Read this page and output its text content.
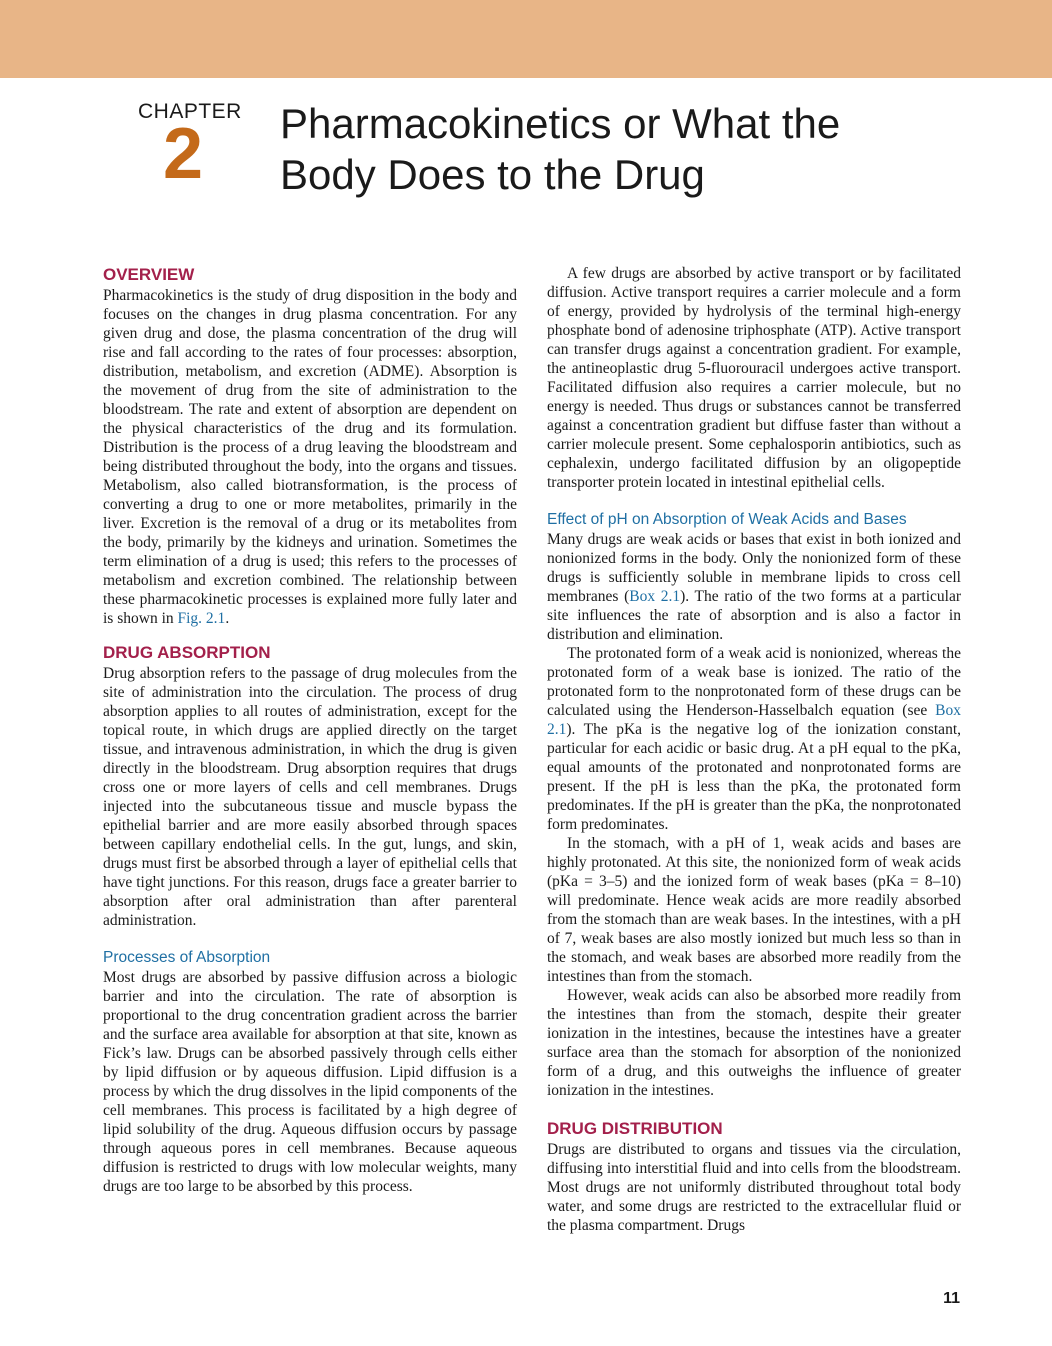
CHAPTER
2	Pharmacokinetics or What the
Body Does to the Drug
OVERVIEW

Pharmacokinetics is the study of drug disposition in the body and focuses on the changes in drug plasma concentration. For any given drug and dose, the plasma concentration of the drug will rise and fall according to the rates of four processes: absorption, distribution, metabolism, and excretion (ADME). Absorption is the movement of drug from the site of administration to the bloodstream. The rate and extent of absorption are dependent on the physical characteristics of the drug and its formulation. Distribution is the process of a drug leaving the bloodstream and being distributed throughout the body, into the organs and tissues. Metabolism, also called biotransformation, is the process of converting a drug to one or more metabolites, primarily in the liver. Excretion is the removal of a drug or its metabolites from the body, primarily by the kidneys and urination. Sometimes the term elimination of a drug is used; this refers to the processes of metabolism and excretion combined. The relationship between these pharmacokinetic processes is explained more fully later and is shown in Fig. 2.1.

DRUG ABSORPTION

Drug absorption refers to the passage of drug molecules from the site of administration into the circulation. The process of drug absorption applies to all routes of administration, except for the topical route, in which drugs are applied directly on the target tissue, and intravenous administration, in which the drug is given directly in the bloodstream. Drug absorption requires that drugs cross one or more layers of cells and cell membranes. Drugs injected into the subcutaneous tissue and muscle bypass the epithelial barrier and are more easily absorbed through spaces between capillary endothelial cells. In the gut, lungs, and skin, drugs must first be absorbed through a layer of epithelial cells that have tight junctions. For this reason, drugs face a greater barrier to absorption after oral administration than after parenteral administration.

Processes of Absorption

Most drugs are absorbed by passive diffusion across a biologic barrier and into the circulation. The rate of absorption is proportional to the drug concentration gradient across the barrier and the surface area available for absorption at that site, known as Fick’s law. Drugs can be absorbed passively through cells either by lipid diffusion or by aqueous diffusion. Lipid diffusion is a process by which the drug dissolves in the lipid components of the cell membranes. This process is facilitated by a high degree of lipid solubility of the drug. Aqueous diffusion occurs by passage through aqueous pores in cell membranes. Because aqueous diffusion is restricted to drugs with low molecular weights, many drugs are too large to be absorbed by this process.

A few drugs are absorbed by active transport or by facilitated diffusion. Active transport requires a carrier molecule and a form of energy, provided by hydrolysis of the terminal high-energy phosphate bond of adenosine triphosphate (ATP). Active transport can transfer drugs against a concentration gradient. For example, the antineoplastic drug 5-fluorouracil undergoes active transport. Facilitated diffusion also requires a carrier molecule, but no energy is needed. Thus drugs or substances cannot be transferred against a concentration gradient but diffuse faster than without a carrier molecule present. Some cephalosporin antibiotics, such as cephalexin, undergo facilitated diffusion by an oligopeptide transporter protein located in intestinal epithelial cells.

Effect of pH on Absorption of Weak Acids and Bases

Many drugs are weak acids or bases that exist in both ionized and nonionized forms in the body. Only the nonionized form of these drugs is sufficiently soluble in membrane lipids to cross cell membranes (Box 2.1). The ratio of the two forms at a particular site influences the rate of absorption and is also a factor in distribution and elimination.

The protonated form of a weak acid is nonionized, whereas the protonated form of a weak base is ionized. The ratio of the protonated form to the nonprotonated form of these drugs can be calculated using the Henderson-Hasselbalch equation (see Box 2.1). The pKa is the negative log of the ionization constant, particular for each acidic or basic drug. At a pH equal to the pKa, equal amounts of the protonated and nonprotonated forms are present. If the pH is less than the pKa, the protonated form predominates. If the pH is greater than the pKa, the nonprotonated form predominates.

In the stomach, with a pH of 1, weak acids and bases are highly protonated. At this site, the nonionized form of weak acids (pKa = 3–5) and the ionized form of weak bases (pKa = 8–10) will predominate. Hence weak acids are more readily absorbed from the stomach than are weak bases. In the intestines, with a pH of 7, weak bases are also mostly ionized but much less so than in the stomach, and weak bases are absorbed more readily from the intestines than from the stomach.

However, weak acids can also be absorbed more readily from the intestines than from the stomach, despite their greater ionization in the intestines, because the intestines have a greater surface area than the stomach for absorption of the nonionized form of a drug, and this outweighs the influence of greater ionization in the intestines.

DRUG DISTRIBUTION

Drugs are distributed to organs and tissues via the circulation, diffusing into interstitial fluid and into cells from the bloodstream. Most drugs are not uniformly distributed throughout total body water, and some drugs are restricted to the extracellular fluid or the plasma compartment. Drugs

11
